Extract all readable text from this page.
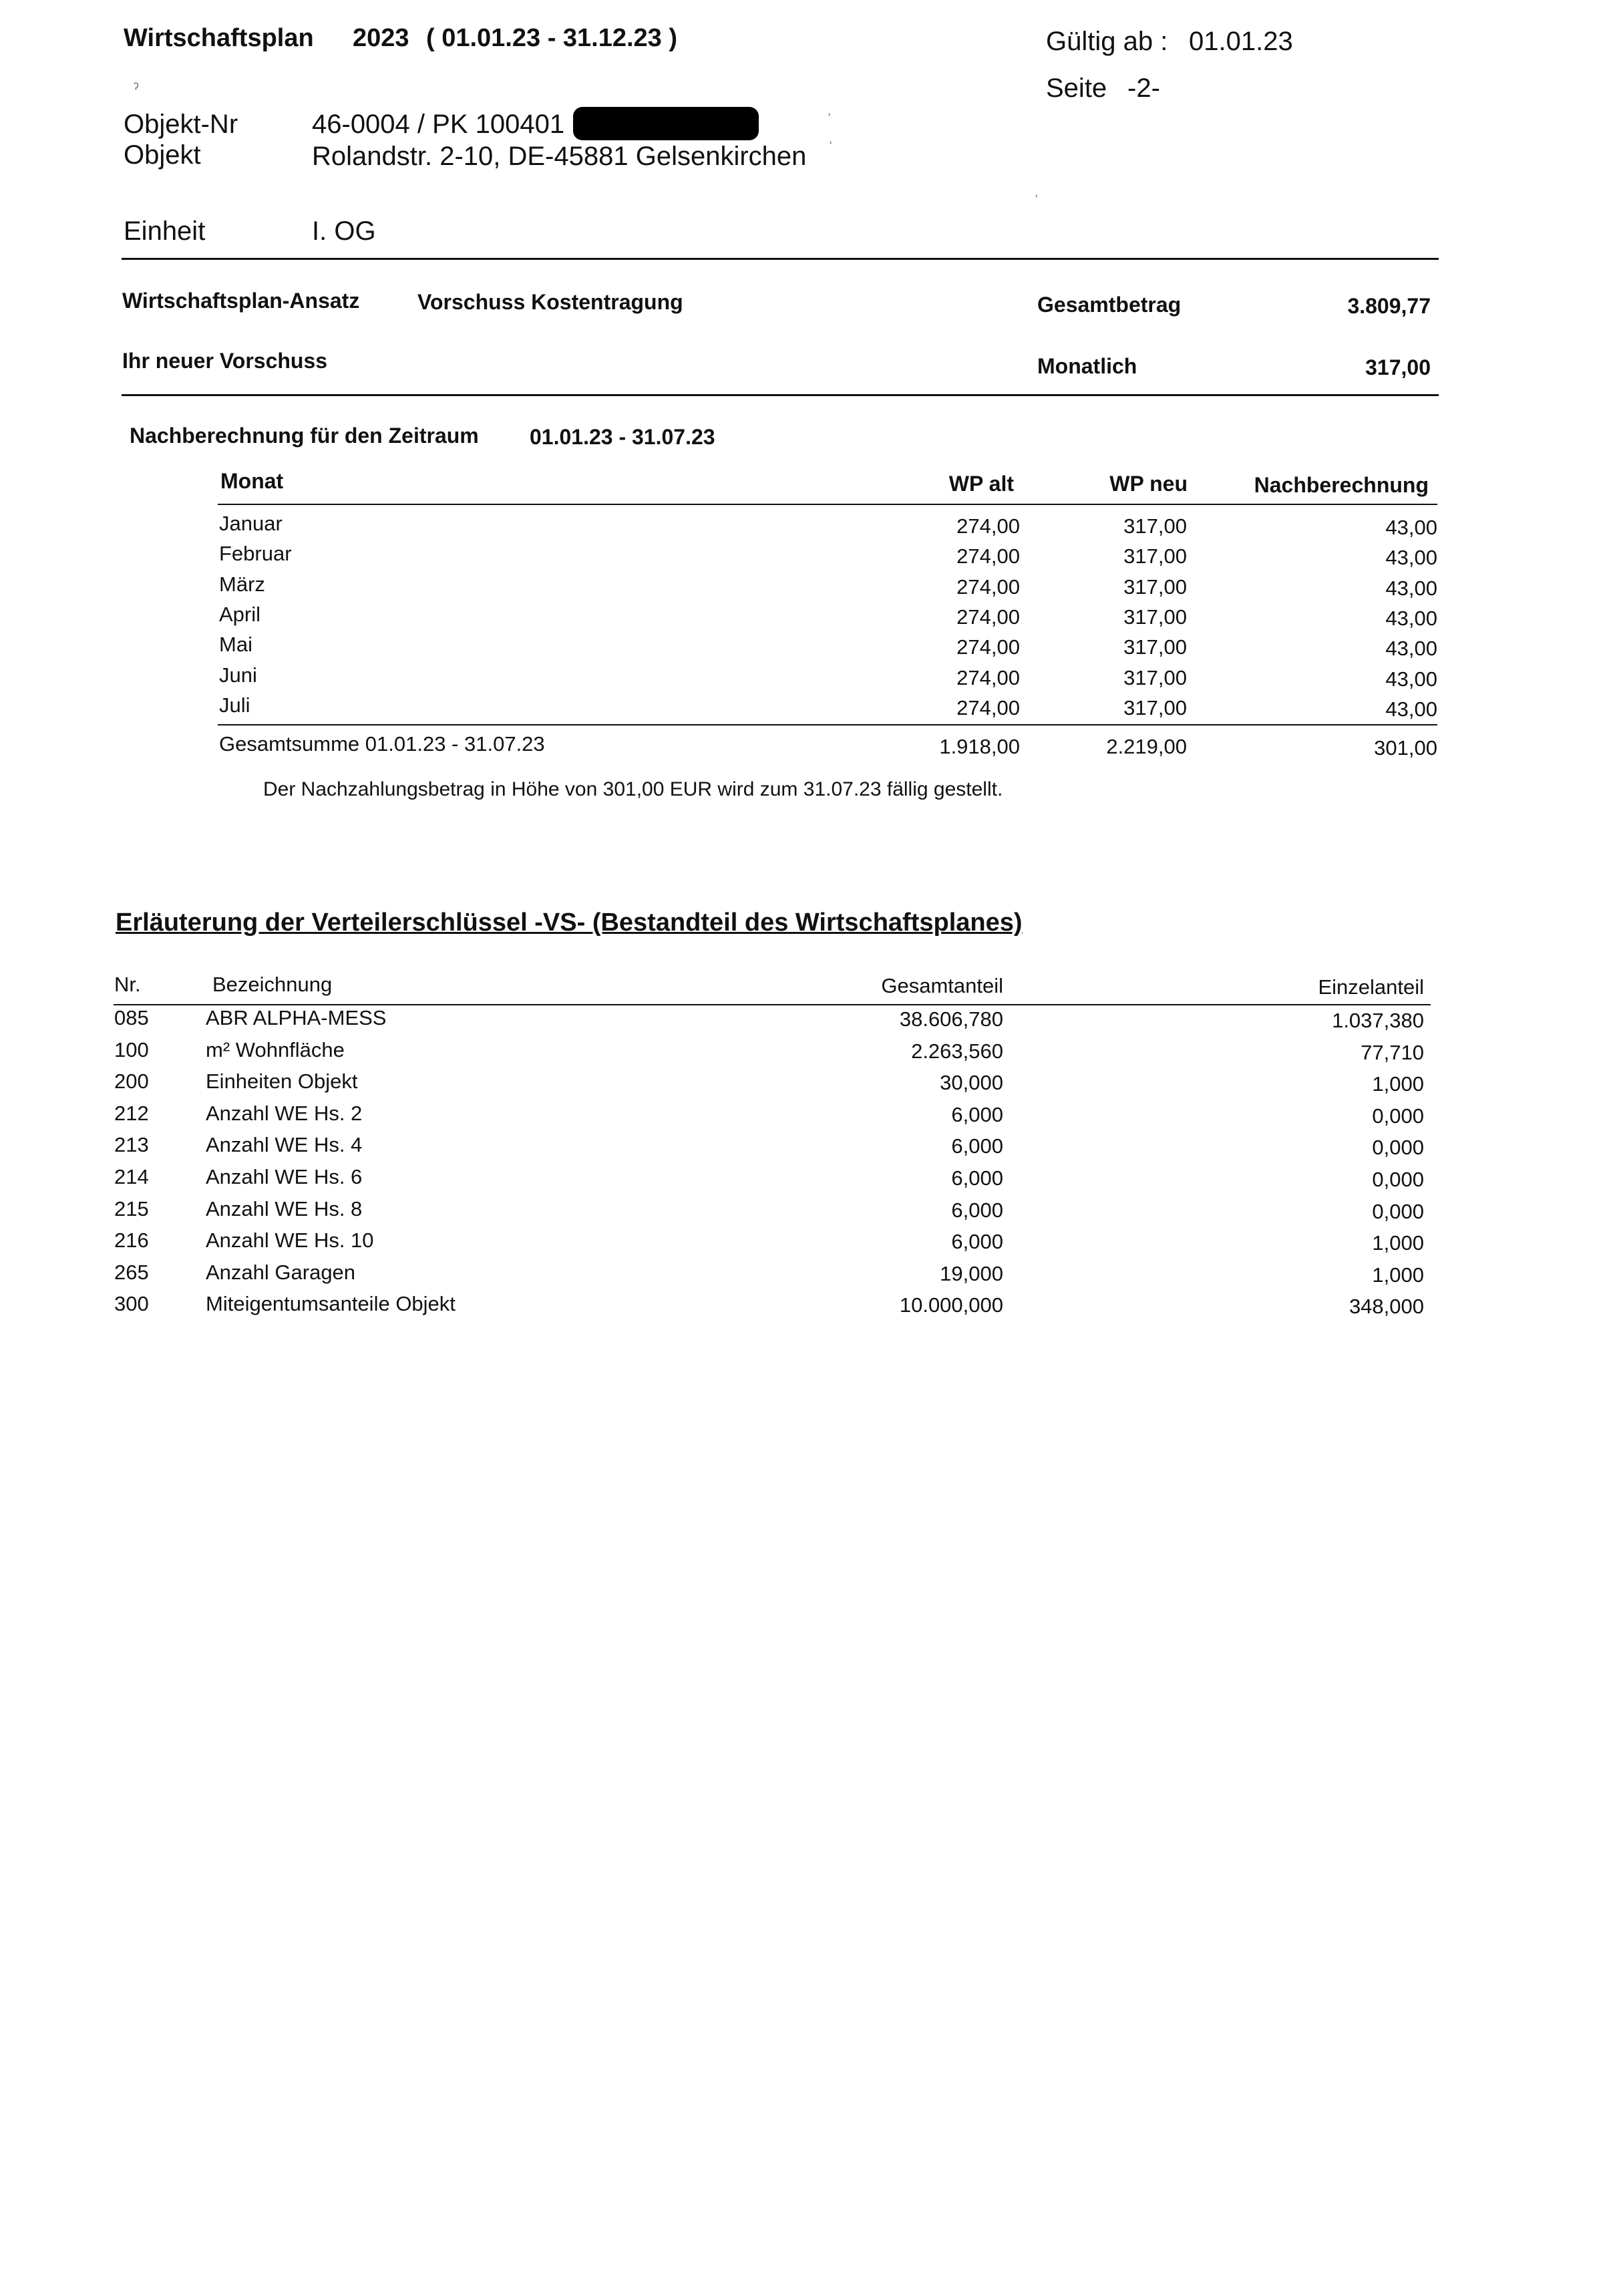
Wirtschaftsplan 2023 ( 01.01.23 - 31.12.23 )	Gültig ab : 01.01.23
Seite -2-
Objekt-Nr	46-0004 / PK 100401
Objekt	Rolandstr. 2-10, DE-45881 Gelsenkirchen
Einheit	I. OG
ˀ
ʾ
ʿ
ʾ
Wirtschaftsplan-Ansatz	Vorschuss Kostentragung	Gesamtbetrag	3.809,77
Ihr neuer Vorschuss	Monatlich	317,00
Nachberechnung für den Zeitraum 01.01.23 - 31.07.23
Monat	WP alt	WP neu	Nachberechnung
Januar	274,00	317,00	43,00
Februar	274,00	317,00	43,00
März	274,00	317,00	43,00
April	274,00	317,00	43,00
Mai	274,00	317,00	43,00
Juni	274,00	317,00	43,00
Juli	274,00	317,00	43,00
Gesamtsumme 01.01.23 - 31.07.23	1.918,00	2.219,00	301,00
Der Nachzahlungsbetrag in Höhe von 301,00 EUR wird zum 31.07.23 fällig gestellt.
Erläuterung der Verteilerschlüssel -VS- (Bestandteil des Wirtschaftsplanes)
Nr.	Bezeichnung	Gesamtanteil	Einzelanteil
085	ABR ALPHA-MESS	38.606,780	1.037,380
100	m² Wohnfläche	2.263,560	77,710
200	Einheiten Objekt	30,000	1,000
212	Anzahl WE Hs. 2	6,000	0,000
213	Anzahl WE Hs. 4	6,000	0,000
214	Anzahl WE Hs. 6	6,000	0,000
215	Anzahl WE Hs. 8	6,000	0,000
216	Anzahl WE Hs. 10	6,000	1,000
265	Anzahl Garagen	19,000	1,000
300	Miteigentumsanteile Objekt	10.000,000	348,000
